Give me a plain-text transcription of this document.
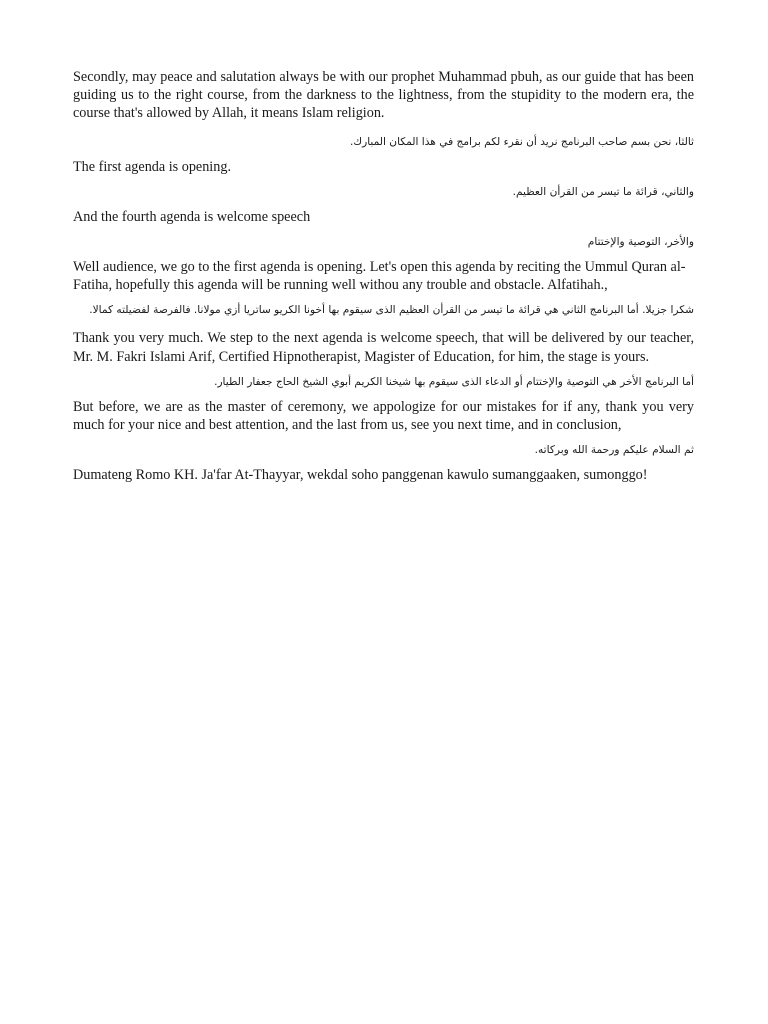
Secondly, may peace and salutation always be with our prophet Muhammad pbuh, as our guide that has been guiding us to the right course, from the darkness to the lightness, from the stupidity to the modern era, the course that's allowed by Allah, it means Islam religion.

ثالثا، نحن بسم صاحب البرنامج نريد أن نقرء لكم برامج في هذا المكان المبارك.

The first agenda is opening.

والثاني، قرائة ما تيسر من القرأن العظيم.

And the fourth agenda is welcome speech

والأخر، التوصية والإختتام

Well audience, we go to the first agenda is opening. Let's open this agenda by reciting the Ummul Quran al-Fatiha, hopefully this agenda will be running well withou any trouble and obstacle. Alfatihah.,

شكرا جزيلا. أما البرنامج الثاني هي قرائة ما تيسر من القرأن العظيم الذى سيقوم بها أخونا الكريو ساتريا أزي مولانا. فالفرصة لفضيلته كمالا.

Thank you very much. We step to the next agenda is welcome speech, that will be delivered by our teacher, Mr. M. Fakri Islami Arif, Certified Hipnotherapist, Magister of Education, for him, the stage is yours.

أما البرنامج الأخر هي التوصية والإختتام أو الدعاء الذى سيقوم بها شيخنا الكريم أبوي الشيخ الحاج جعفار الطيار.

But before, we are as the master of ceremony, we appologize for our mistakes for if any, thank you very much for your nice and best attention, and the last from us, see you next time, and in conclusion,

ثم السلام عليكم ورحمة الله وبركاته.

Dumateng Romo KH. Ja'far At-Thayyar, wekdal soho panggenan kawulo sumanggaaken, sumonggo!
